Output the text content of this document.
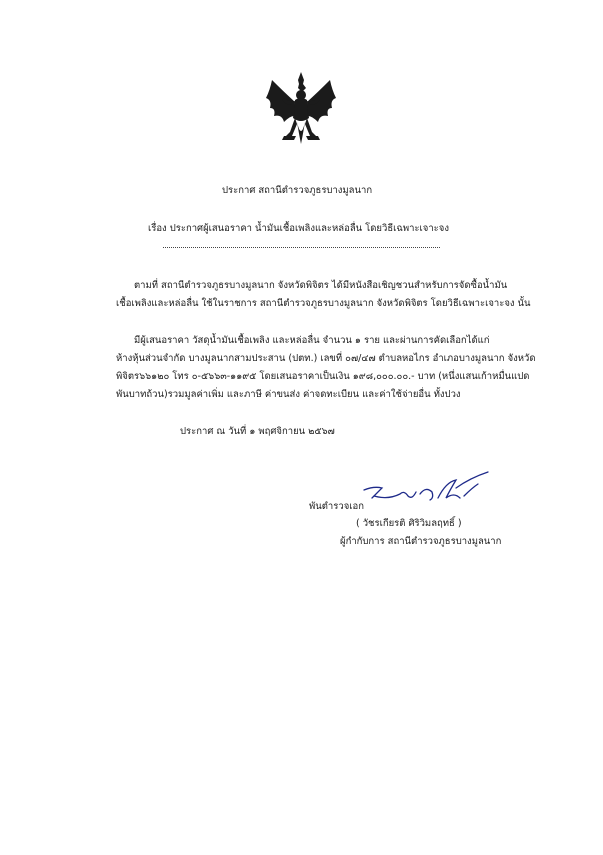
ประกาศ สถานีตำรวจภูธรบางมูลนาก
เรื่อง ประกาศผู้เสนอราคา น้ำมันเชื้อเพลิงและหล่อลื่น โดยวิธีเฉพาะเจาะจง
ตามที่ สถานีตำรวจภูธรบางมูลนาก จังหวัดพิจิตร ได้มีหนังสือเชิญชวนสำหรับการจัดซื้อน้ำมัน
เชื้อเพลิงและหล่อลื่น ใช้ในราชการ สถานีตำรวจภูธรบางมูลนาก จังหวัดพิจิตร โดยวิธีเฉพาะเจาะจง นั้น
มีผู้เสนอราคา วัสดุน้ำมันเชื้อเพลิง และหล่อลื่น จำนวน ๑ ราย และผ่านการคัดเลือกได้แก่
ห้างหุ้นส่วนจำกัด บางมูลนากสามประสาน (ปตท.) เลขที่ ๐๗/๔๗ ตำบลหอไกร อำเภอบางมูลนาก จังหวัด
พิจิตร๖๖๑๒๐ โทร ๐-๕๖๖๓-๑๑๙๕ โดยเสนอราคาเป็นเงิน ๑๙๘,๐๐๐.๐๐.- บาท (หนึ่งแสนเก้าหมื่นแปด
พันบาทถ้วน)รวมมูลค่าเพิ่ม และภาษี ค่าขนส่ง ค่าจดทะเบียน และค่าใช้จ่ายอื่น ทั้งปวง
ประกาศ ณ วันที่ ๑ พฤศจิกายน ๒๕๖๗
พันตำรวจเอก
( วัชรเกียรติ ศิริวิมลฤทธิ์ )
ผู้กำกับการ สถานีตำรวจภูธรบางมูลนาก
